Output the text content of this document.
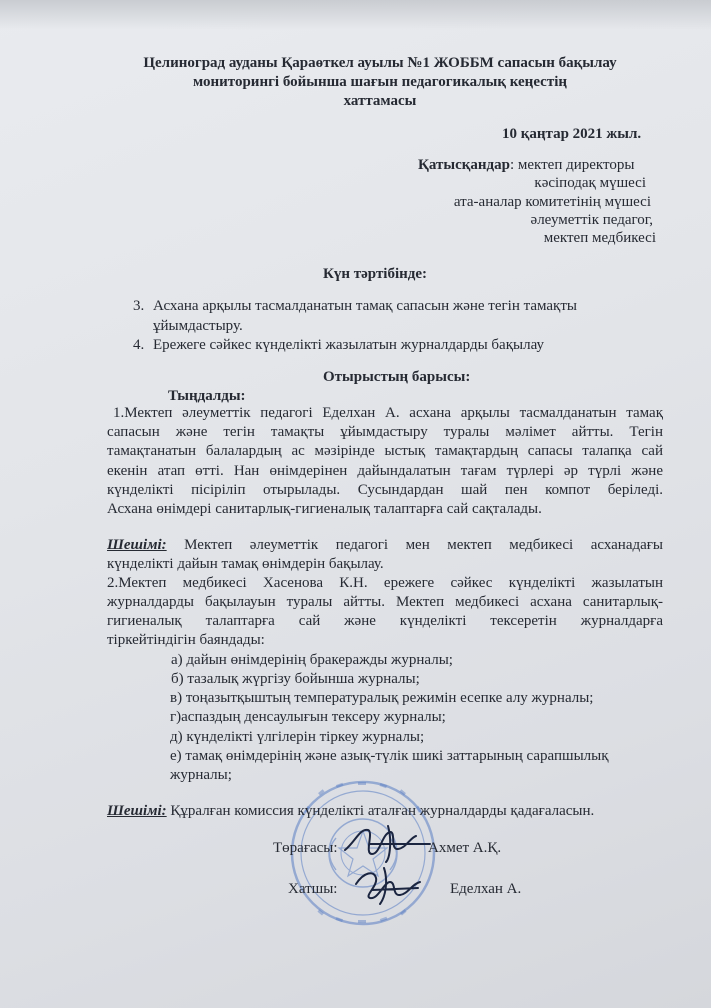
Целиноград ауданы Қараөткел ауылы №1 ЖОББМ сапасын бақылау
мониторингі бойынша шағын педагогикалық кеңестің
хаттамасы
10 қаңтар 2021 жыл.
Қатысқандар: мектеп директоры
кәсіподақ мүшесі
ата-аналар комитетінің мүшесі
әлеуметтік педагог,
мектеп медбикесі
Күн тәртібінде:
3. Асхана арқылы тасмалданатын тамақ сапасын және тегін тамақты
ұйымдастыру.
4. Ережеге сәйкес күнделікті жазылатын журналдарды бақылау
Отырыстың барысы:
Тыңдалды:
1.Мектеп әлеуметтік педагогі Еделхан А. асхана арқылы тасмалданатын тамақ
сапасын және тегін тамақты ұйымдастыру туралы мәлімет айтты. Тегін
тамақтанатын балалардың ас мәзірінде ыстық тамақтардың сапасы талапқа сай
екенін атап өтті. Нан өнімдерінен дайындалатын тағам түрлері әр түрлі және
күнделікті пісіріліп отырылады. Сусындардан шай пен компот беріледі.
Асхана өнімдері санитарлық-гигиеналық талаптарға сай сақталады.
Шешімі: Мектеп әлеуметтік педагогі мен мектеп медбикесі асханадағы
күнделікті дайын тамақ өнімдерін бақылау.
2.Мектеп медбикесі Хасенова К.Н. ережеге сәйкес күнделікті жазылатын
журналдарды бақылауын туралы айтты. Мектеп медбикесі асхана санитарлық-
гигиеналық талаптарға сай және күнделікті тексеретін журналдарға
тіркейтіндігін баяндады:
а) дайын өнімдерінің бракеражды журналы;
б) тазалық жүргізу бойынша журналы;
в) тоңазытқыштың температуралық режимін есепке алу журналы;
г)аспаздың денсаулығын тексеру журналы;
д) күнделікті үлгілерін тіркеу журналы;
е) тамақ өнімдерінің және азық-түлік шикі заттарының сарапшылық
журналы;
Шешімі: Құралған комиссия күнделікті аталған журналдарды қадағаласын.
Төрағасы:	Ахмет А.Қ.
Хатшы:	Еделхан А.
